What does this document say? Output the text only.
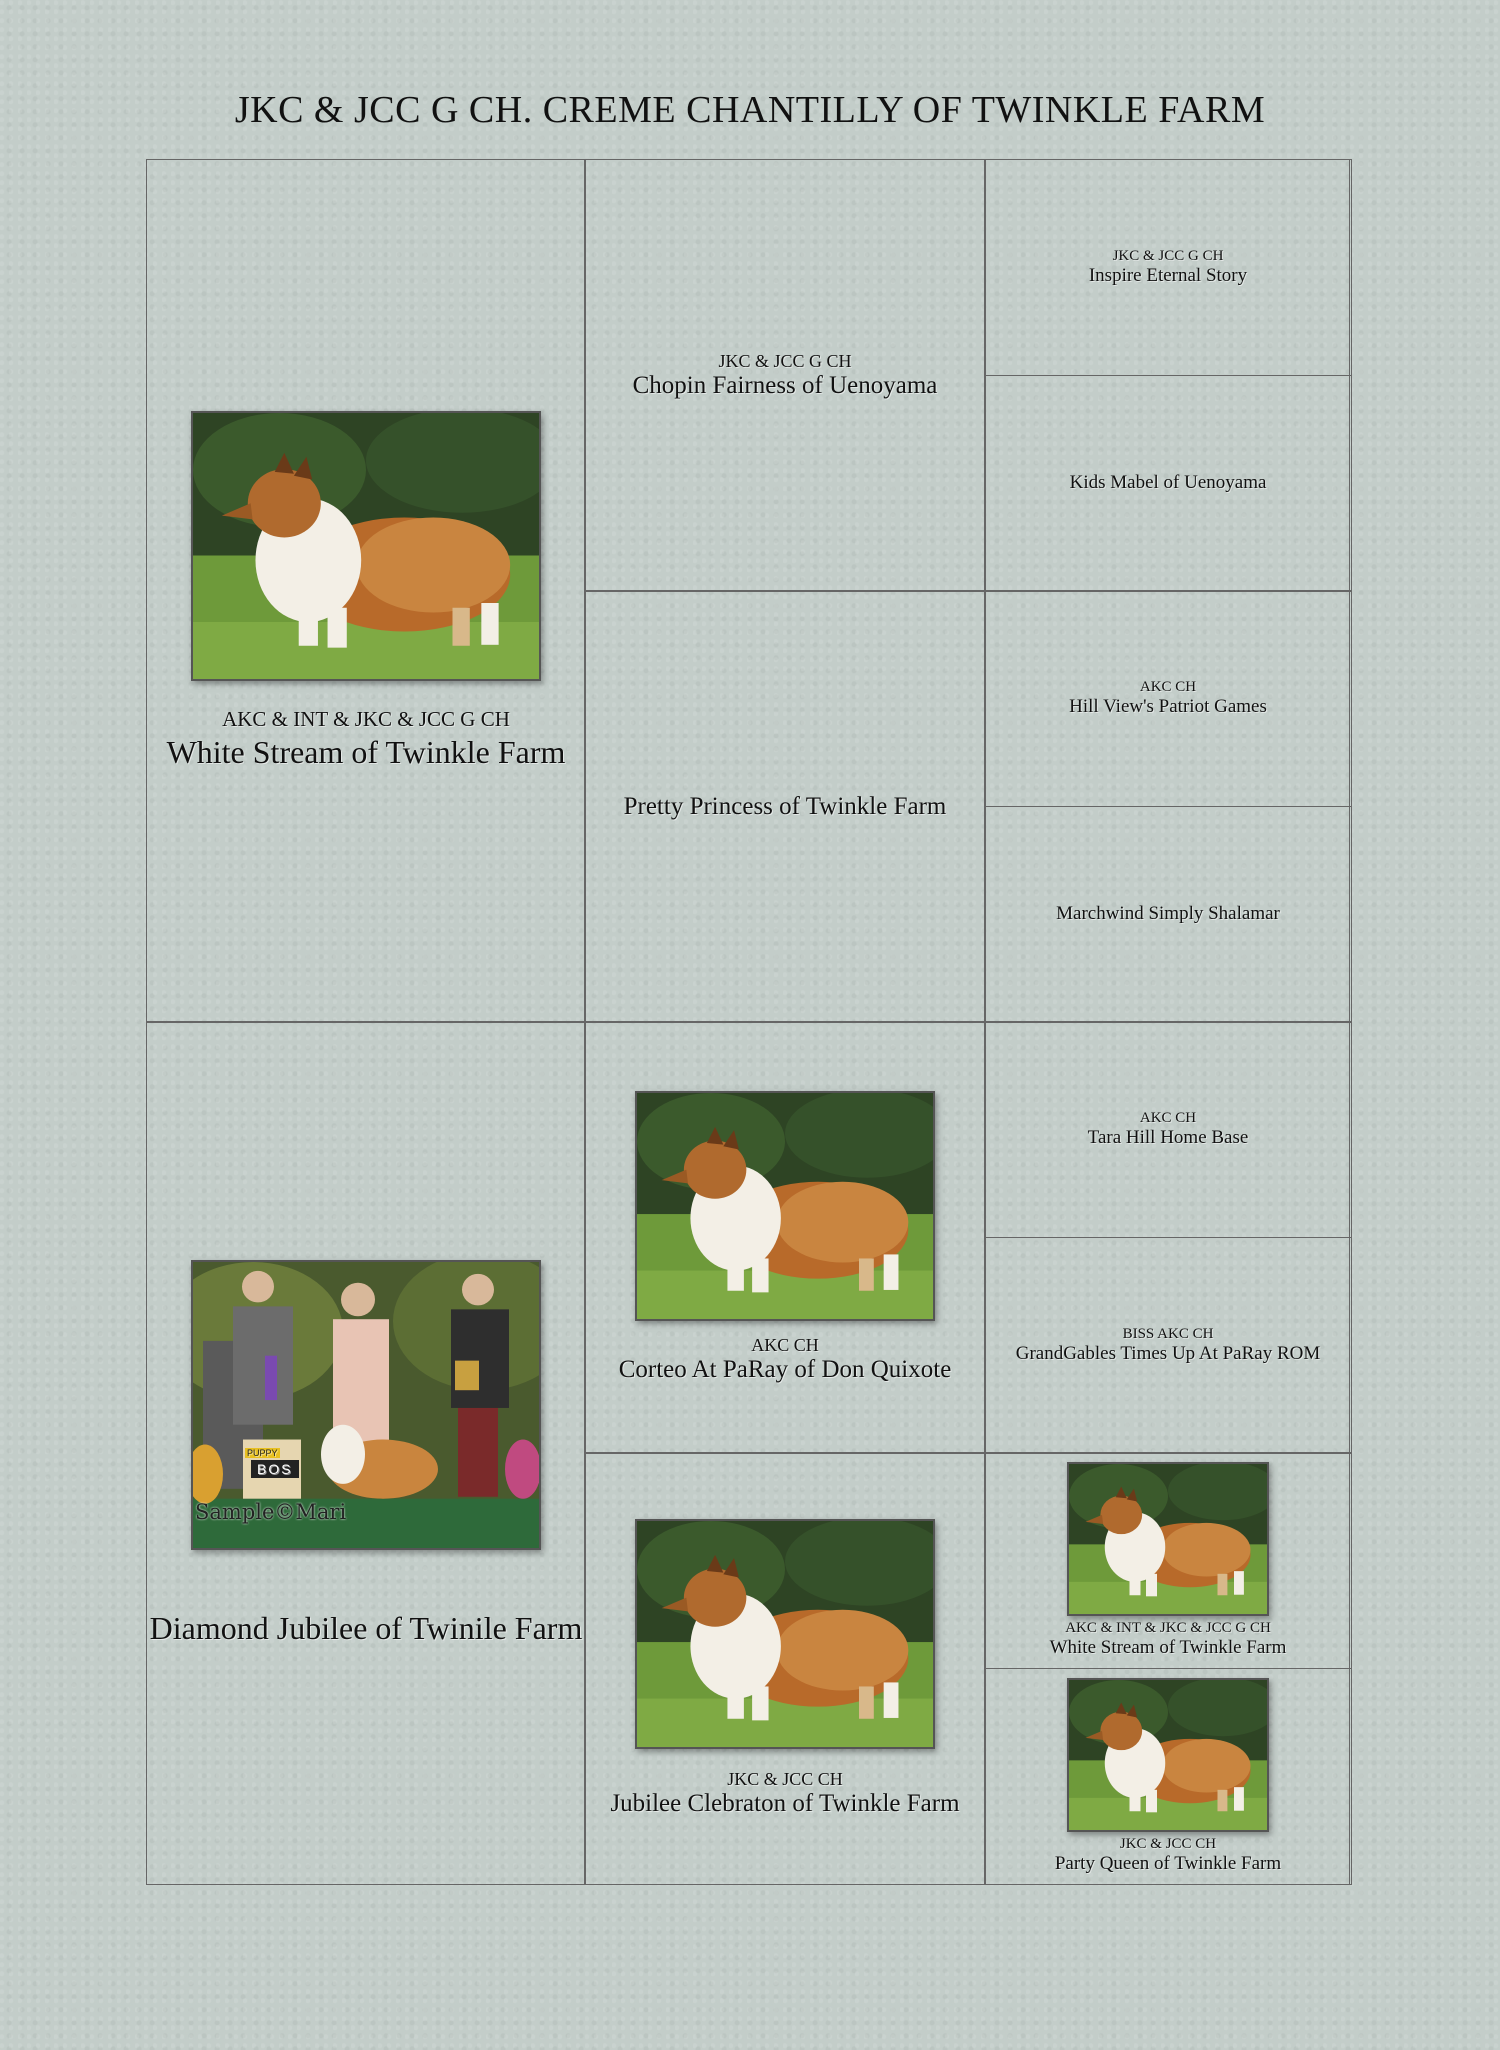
JKC & JCC G CH. CREME CHANTILLY OF TWINKLE FARM
AKC & INT & JKC & JCC G CH
White Stream of Twinkle Farm
PUPPY
BOS
Sample©Mari
Diamond Jubilee of Twinile Farm
JKC & JCC G CH
Chopin Fairness of Uenoyama
Pretty Princess of Twinkle Farm
AKC CH
Corteo At PaRay of Don Quixote
JKC & JCC CH
Jubilee Clebraton of Twinkle Farm
JKC & JCC G CH
Inspire Eternal Story
Kids Mabel of Uenoyama
AKC CH
Hill View's Patriot Games
Marchwind Simply Shalamar
AKC CH
Tara Hill Home Base
BISS AKC CH
GrandGables Times Up At PaRay ROM
AKC & INT & JKC & JCC G CH
White Stream of Twinkle Farm
JKC & JCC CH
Party Queen of Twinkle Farm
